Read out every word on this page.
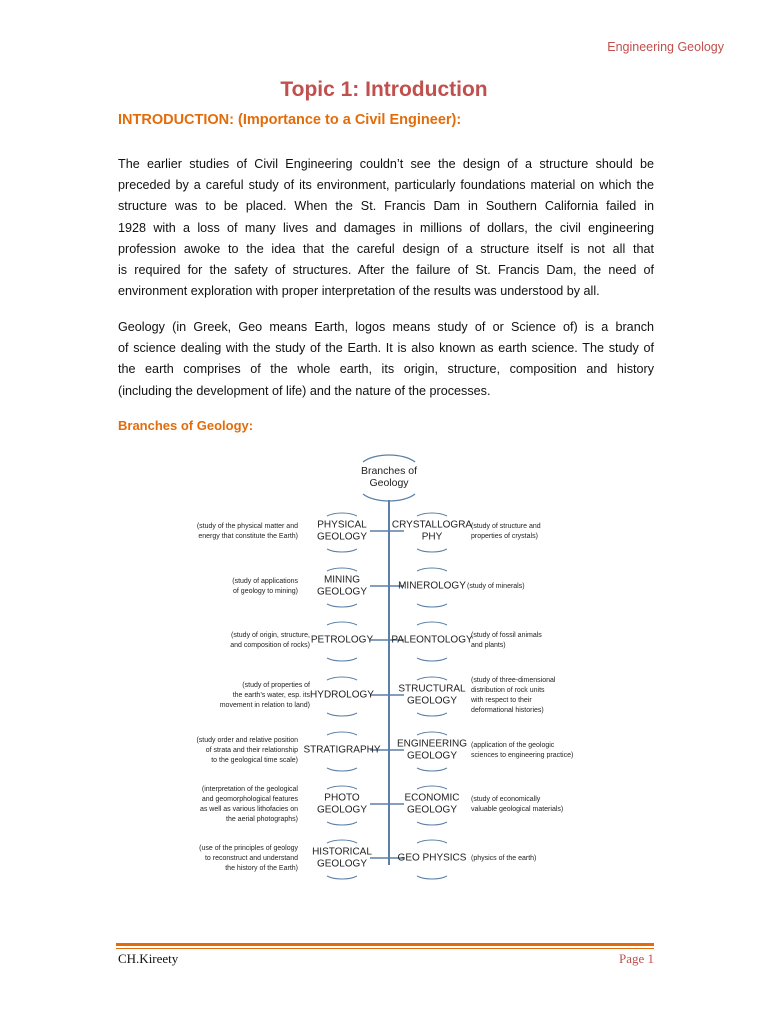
Engineering Geology
Topic 1: Introduction
INTRODUCTION: (Importance to a Civil Engineer):
The earlier studies of Civil Engineering couldn’t see the design of a structure should be
preceded by a careful study of its environment, particularly foundations material on which the
structure was to be placed. When the St. Francis Dam in Southern California failed in
1928 with a loss of many lives and damages in millions of dollars, the civil engineering
profession awoke to the idea that the careful design of a structure itself is not all that
is required for the safety of structures. After the failure of St. Francis Dam, the need of
environment exploration with proper interpretation of the results was understood by all.
Geology (in Greek, Geo means Earth, logos means study of or Science of) is a branch
of science dealing with the study of the Earth. It is also known as earth science. The study of
the earth comprises of the whole earth, its origin, structure, composition and history
(including the development of life) and the nature of the processes.
Branches of Geology:
Branches of
Geology
PHYSICAL
GEOLOGY
CRYSTALLOGRA
PHY
(study of the physical matter and
energy that constitute the Earth)
(study of structure and
properties of crystals)
MINING
GEOLOGY
MINEROLOGY
(study of applications
of geology to mining)
(study of minerals)
PETROLOGY PALEONTOLOGY
(study of origin, structure,
and composition of rocks)
(study of fossil animals
and plants)
HYDROLOGY
STRUCTURAL
GEOLOGY
(study of properties of
the earth’s water, esp. its
movement in relation to land)
(study of three-dimensional
distribution of rock units
with respect to their
deformational histories)
STRATIGRAPHY
ENGINEERING
GEOLOGY
(study order and relative position
of strata and their relationship
to the geological time scale)
(application of the geologic
sciences to engineering practice)
PHOTO
GEOLOGY
ECONOMIC
GEOLOGY
(interpretation of the geological
and geomorphological features
as well as various lithofacies on
the aerial photographs)
(study of economically
valuable geological materials)
HISTORICAL
GEOLOGY
GEO PHYSICS
(use of the principles of geology
to reconstruct and understand
the history of the Earth)
(physics of the earth)
CH.Kireety	Page 1
